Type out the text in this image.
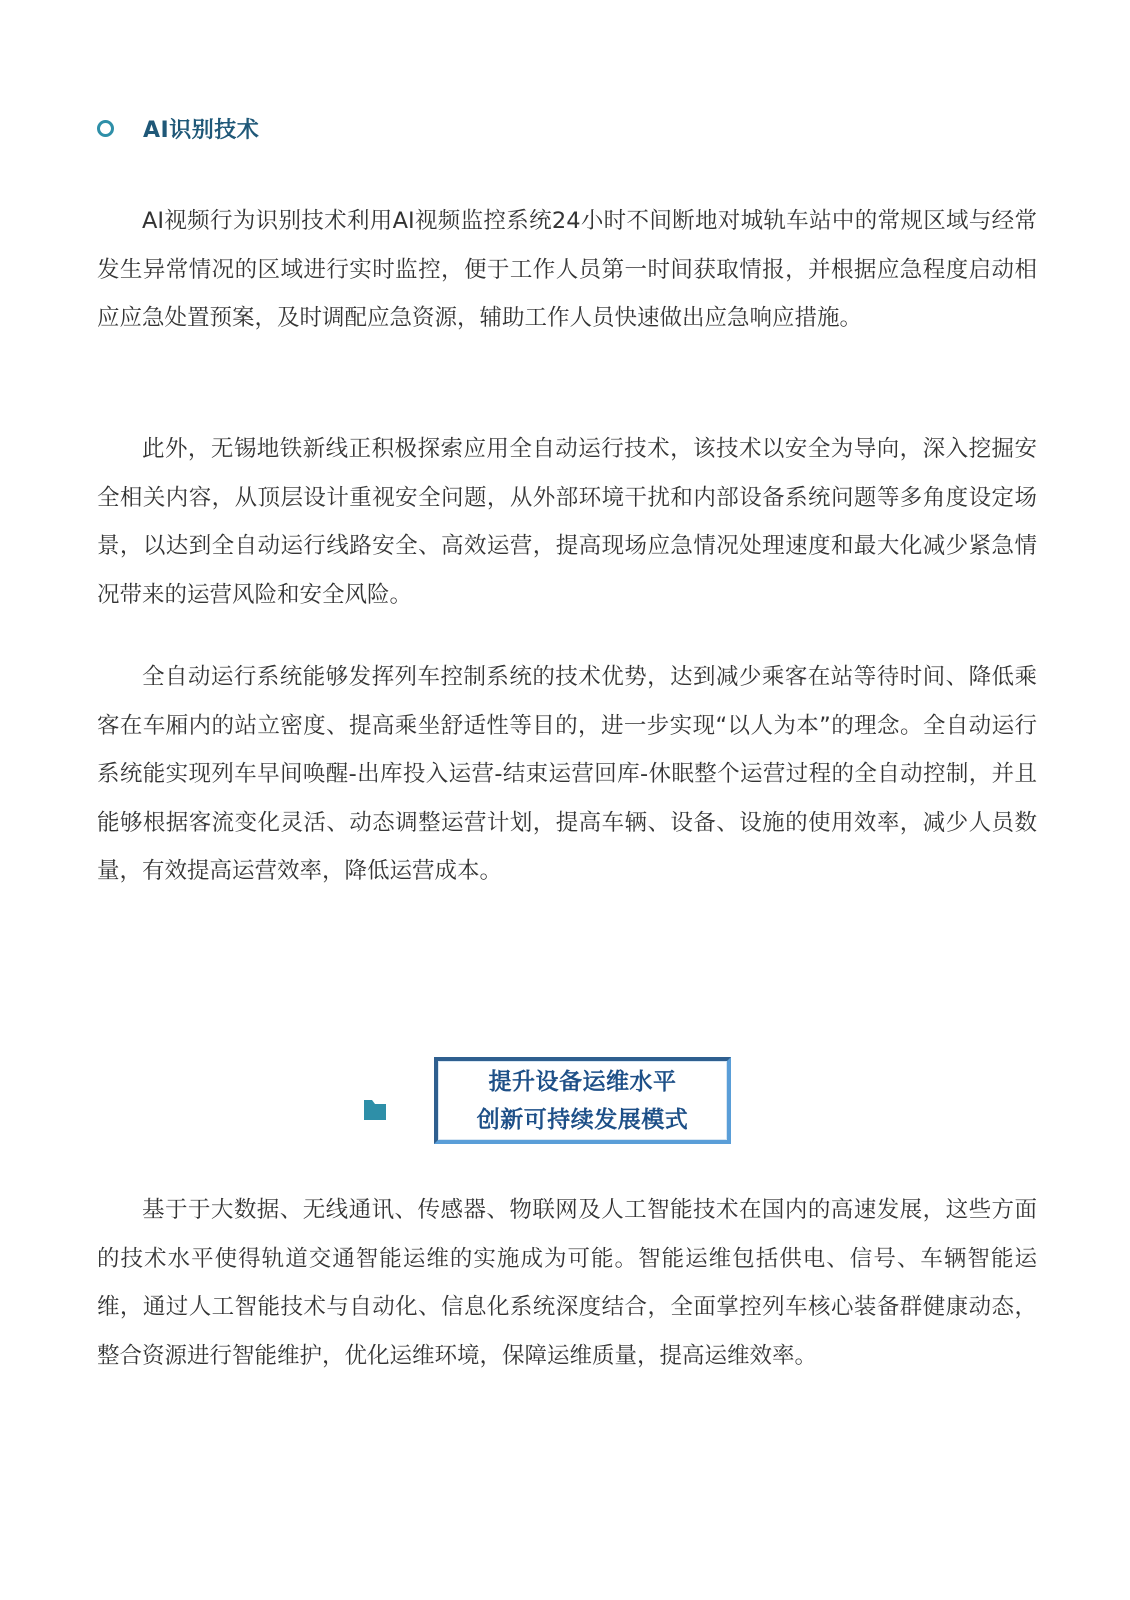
AI识别技术

AI视频行为识别技术利用AI视频监控系统24小时不间断地对城轨车站中的常规区域与经常发生异常情况的区域进行实时监控，便于工作人员第一时间获取情报，并根据应急程度启动相应应急处置预案，及时调配应急资源，辅助工作人员快速做出应急响应措施。

此外，无锡地铁新线正积极探索应用全自动运行技术，该技术以安全为导向，深入挖掘安全相关内容，从顶层设计重视安全问题，从外部环境干扰和内部设备系统问题等多角度设定场景，以达到全自动运行线路安全、高效运营，提高现场应急情况处理速度和最大化减少紧急情况带来的运营风险和安全风险。

全自动运行系统能够发挥列车控制系统的技术优势，达到减少乘客在站等待时间、降低乘客在车厢内的站立密度、提高乘坐舒适性等目的，进一步实现“以人为本”的理念。全自动运行系统能实现列车早间唤醒-出库投入运营-结束运营回库-休眠整个运营过程的全自动控制，并且能够根据客流变化灵活、动态调整运营计划，提高车辆、设备、设施的使用效率，减少人员数量，有效提高运营效率，降低运营成本。

提升设备运维水平
创新可持续发展模式

基于于大数据、无线通讯、传感器、物联网及人工智能技术在国内的高速发展，这些方面的技术水平使得轨道交通智能运维的实施成为可能。智能运维包括供电、信号、车辆智能运维，通过人工智能技术与自动化、信息化系统深度结合，全面掌控列车核心装备群健康动态，整合资源进行智能维护，优化运维环境，保障运维质量，提高运维效率。
